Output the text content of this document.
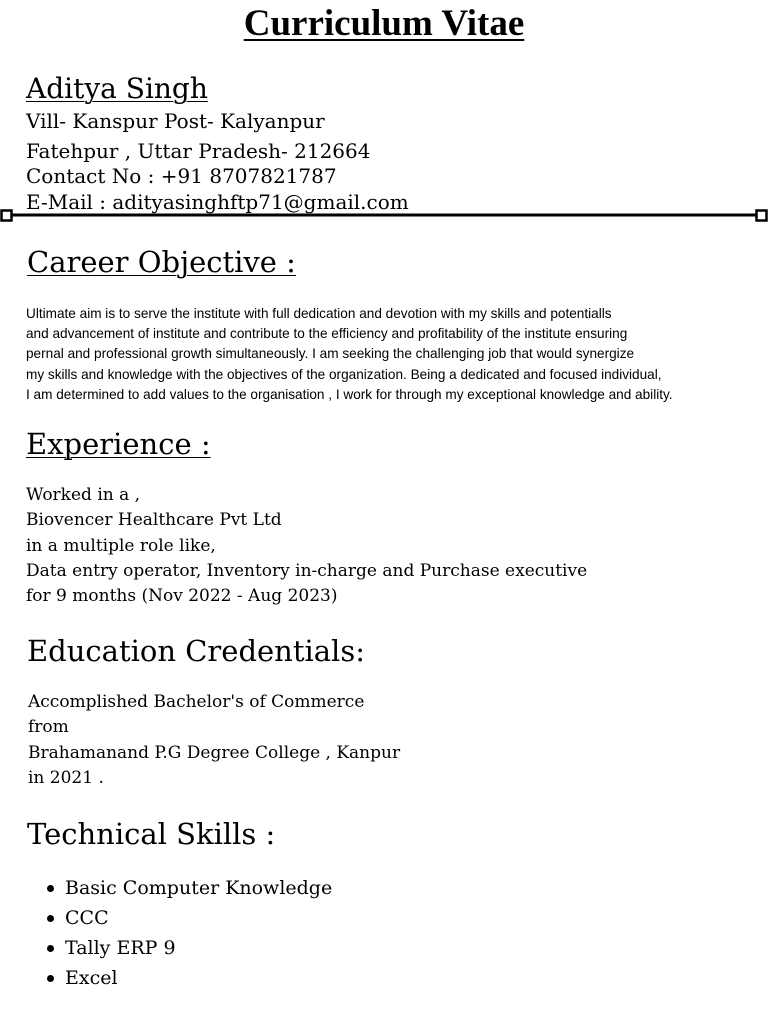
Curriculum Vitae
Aditya Singh
Vill- Kanspur Post- Kalyanpur
Fatehpur , Uttar Pradesh- 212664
Contact No : +91 8707821787
E-Mail : adityasinghftp71@gmail.com
Career Objective :
Ultimate aim is to serve the institute with full dedication and devotion with my skills and potentialls
and advancement of institute and contribute to the efficiency and profitability of the institute ensuring
pernal and professional growth simultaneously. I am seeking the challenging job that would synergize
my skills and knowledge with the objectives of the organization. Being a dedicated and focused individual,
I am determined to add values to the organisation , I work for through my exceptional knowledge and ability.
Experience :
Worked in a ,
Biovencer Healthcare Pvt Ltd
in a multiple role like,
Data entry operator, Inventory in-charge and Purchase executive
for 9 months (Nov 2022 - Aug 2023)
Education Credentials:
Accomplished Bachelor's of Commerce
from
Brahamanand P.G Degree College , Kanpur
in 2021 .
Technical Skills :
Basic Computer Knowledge
CCC
Tally ERP 9
Excel
